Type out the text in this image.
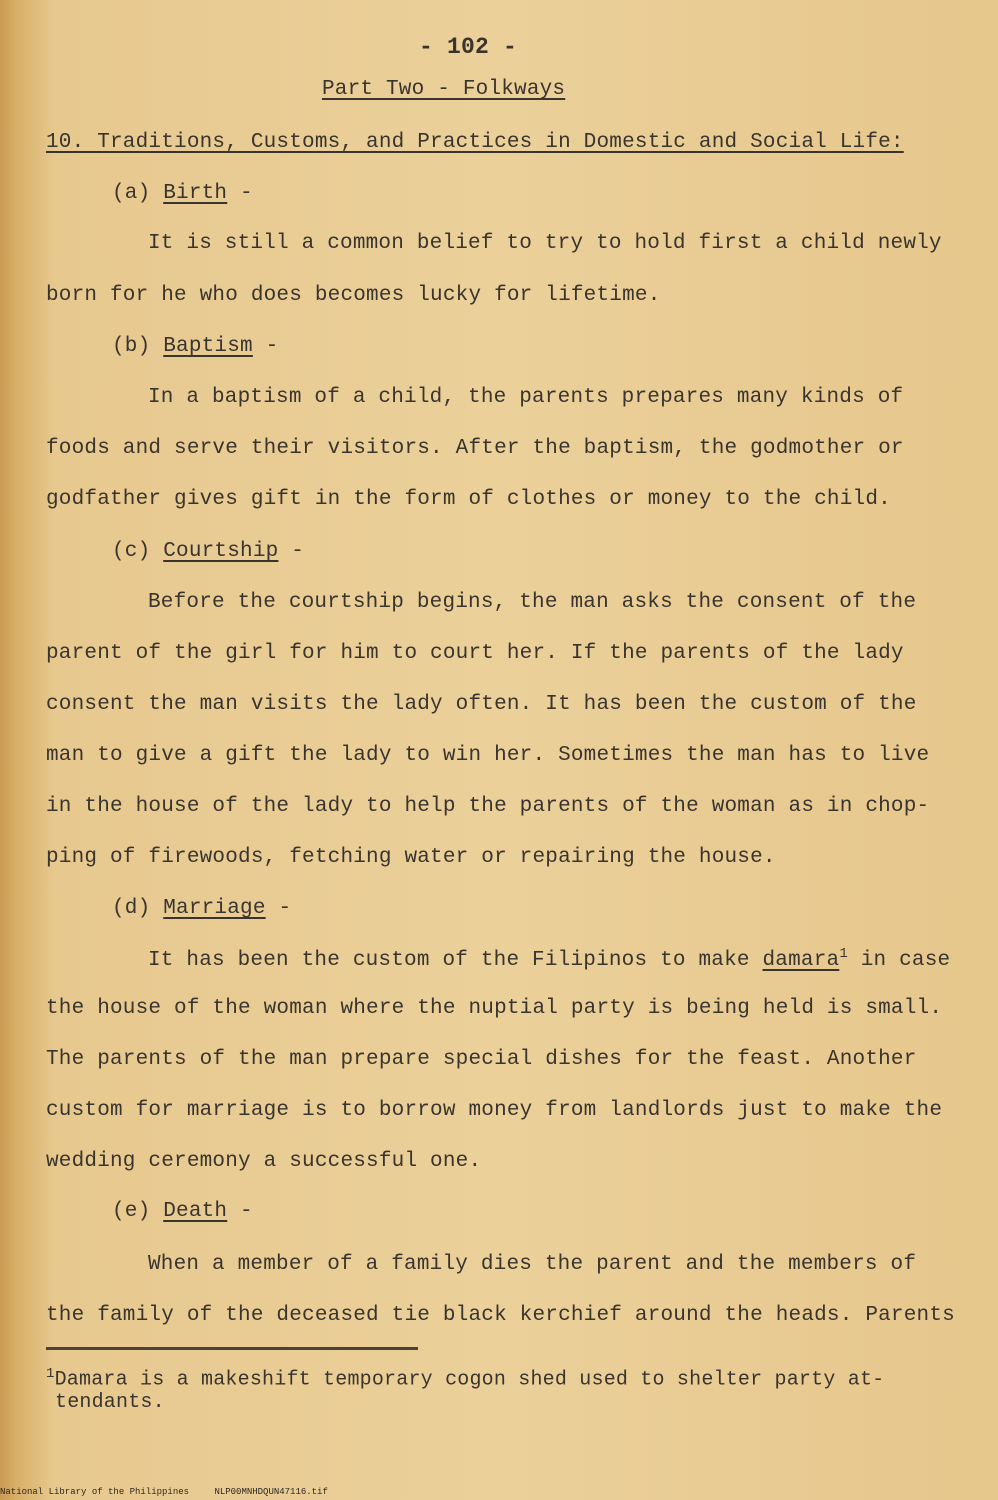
- 102 -
Part Two - Folkways
10. Traditions, Customs, and Practices in Domestic and Social Life:
(a) Birth -
It is still a common belief to try to hold first a child newly
born for he who does becomes lucky for lifetime.
(b) Baptism -
In a baptism of a child, the parents prepares many kinds of
foods and serve their visitors. After the baptism, the godmother or
godfather gives gift in the form of clothes or money to the child.
(c) Courtship -
Before the courtship begins, the man asks the consent of the
parent of the girl for him to court her. If the parents of the lady
consent the man visits the lady often. It has been the custom of the
man to give a gift the lady to win her. Sometimes the man has to live
in the house of the lady to help the parents of the woman as in chop-
ping of firewoods, fetching water or repairing the house.
(d) Marriage -
It has been the custom of the Filipinos to make damara$^1$ in case
the house of the woman where the nuptial party is being held is small.
The parents of the man prepare special dishes for the feast. Another
custom for marriage is to borrow money from landlords just to make the
wedding ceremony a successful one.
(e) Death -
When a member of a family dies the parent and the members of
the family of the deceased tie black kerchief around the heads. Parents
$^1$Damara is a makeshift temporary cogon shed used to shelter party at-
tendants.
National Library of the Philippines	NLP00MNHDQUN47116.tif
